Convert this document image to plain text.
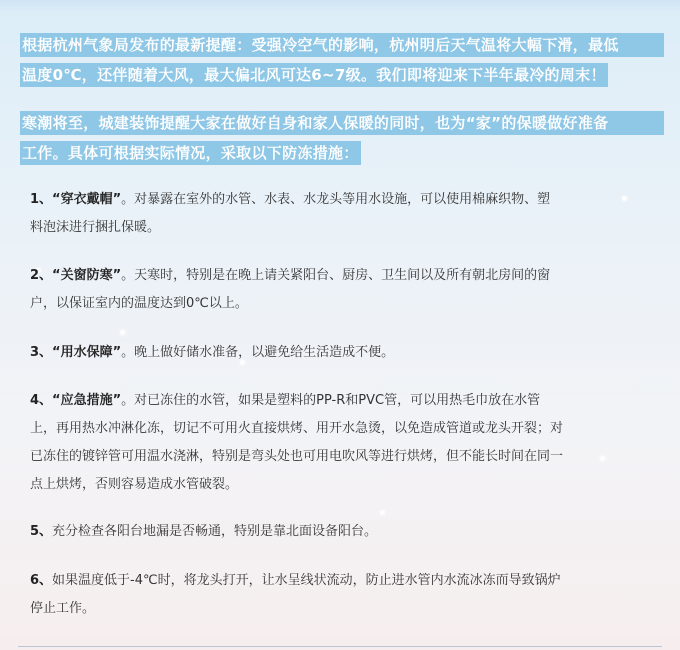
根据杭州气象局发布的最新提醒：受强冷空气的影响，杭州明后天气温将大幅下滑，最低
温度0℃，还伴随着大风，最大偏北风可达6~7级。我们即将迎来下半年最冷的周末！
寒潮将至，城建装饰提醒大家在做好自身和家人保暖的同时，也为“家”的保暖做好准备
工作。具体可根据实际情况，采取以下防冻措施：
1、“穿衣戴帽”。对暴露在室外的水管、水表、水龙头等用水设施，可以使用棉麻织物、塑
料泡沫进行捆扎保暖。
2、“关窗防寒”。天寒时，特别是在晚上请关紧阳台、厨房、卫生间以及所有朝北房间的窗
户，以保证室内的温度达到0℃以上。
3、“用水保障”。晚上做好储水准备，以避免给生活造成不便。
4、“应急措施”。对已冻住的水管，如果是塑料的PP-R和PVC管，可以用热毛巾放在水管
上，再用热水冲淋化冻，切记不可用火直接烘烤、用开水急烫，以免造成管道或龙头开裂；对
已冻住的镀锌管可用温水浇淋，特别是弯头处也可用电吹风等进行烘烤，但不能长时间在同一
点上烘烤，否则容易造成水管破裂。
5、充分检查各阳台地漏是否畅通，特别是靠北面设备阳台。
6、如果温度低于-4℃时，将龙头打开，让水呈线状流动，防止进水管内水流冰冻而导致锅炉
停止工作。
